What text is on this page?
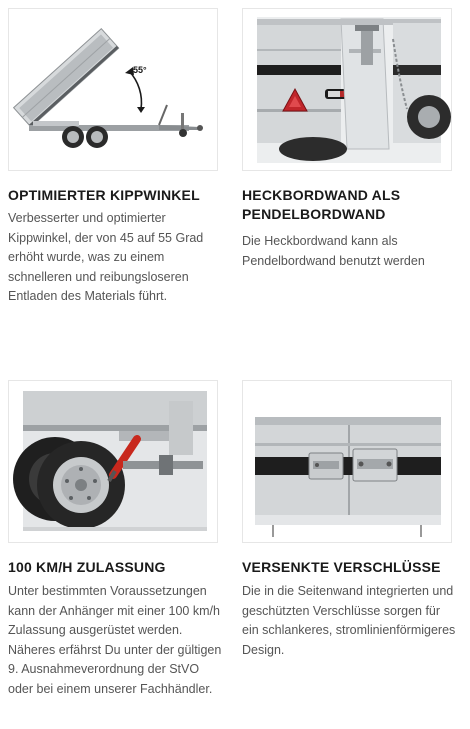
55°
OPTIMIERTER KIPPWINKEL

Verbesserter und optimierter Kippwinkel, der von 45 auf 55 Grad erhöht wurde, was zu einem schnelleren und reibungsloseren Entladen des Materials führt.

HECKBORDWAND ALS PENDELBORDWAND

Die Heckbordwand kann als Pendelbordwand benutzt werden

100 KM/H ZULASSUNG

Unter bestimmten Voraussetzungen kann der Anhänger mit einer 100 km/h Zulassung ausgerüstet werden. Näheres erfährst Du unter der gültigen 9. Ausnahmeverordnung der StVO oder bei einem unserer Fachhändler.

VERSENKTE VERSCHLÜSSE

Die in die Seitenwand integrierten und geschützten Verschlüsse sorgen für ein schlankeres, stromlinienförmigeres Design.
